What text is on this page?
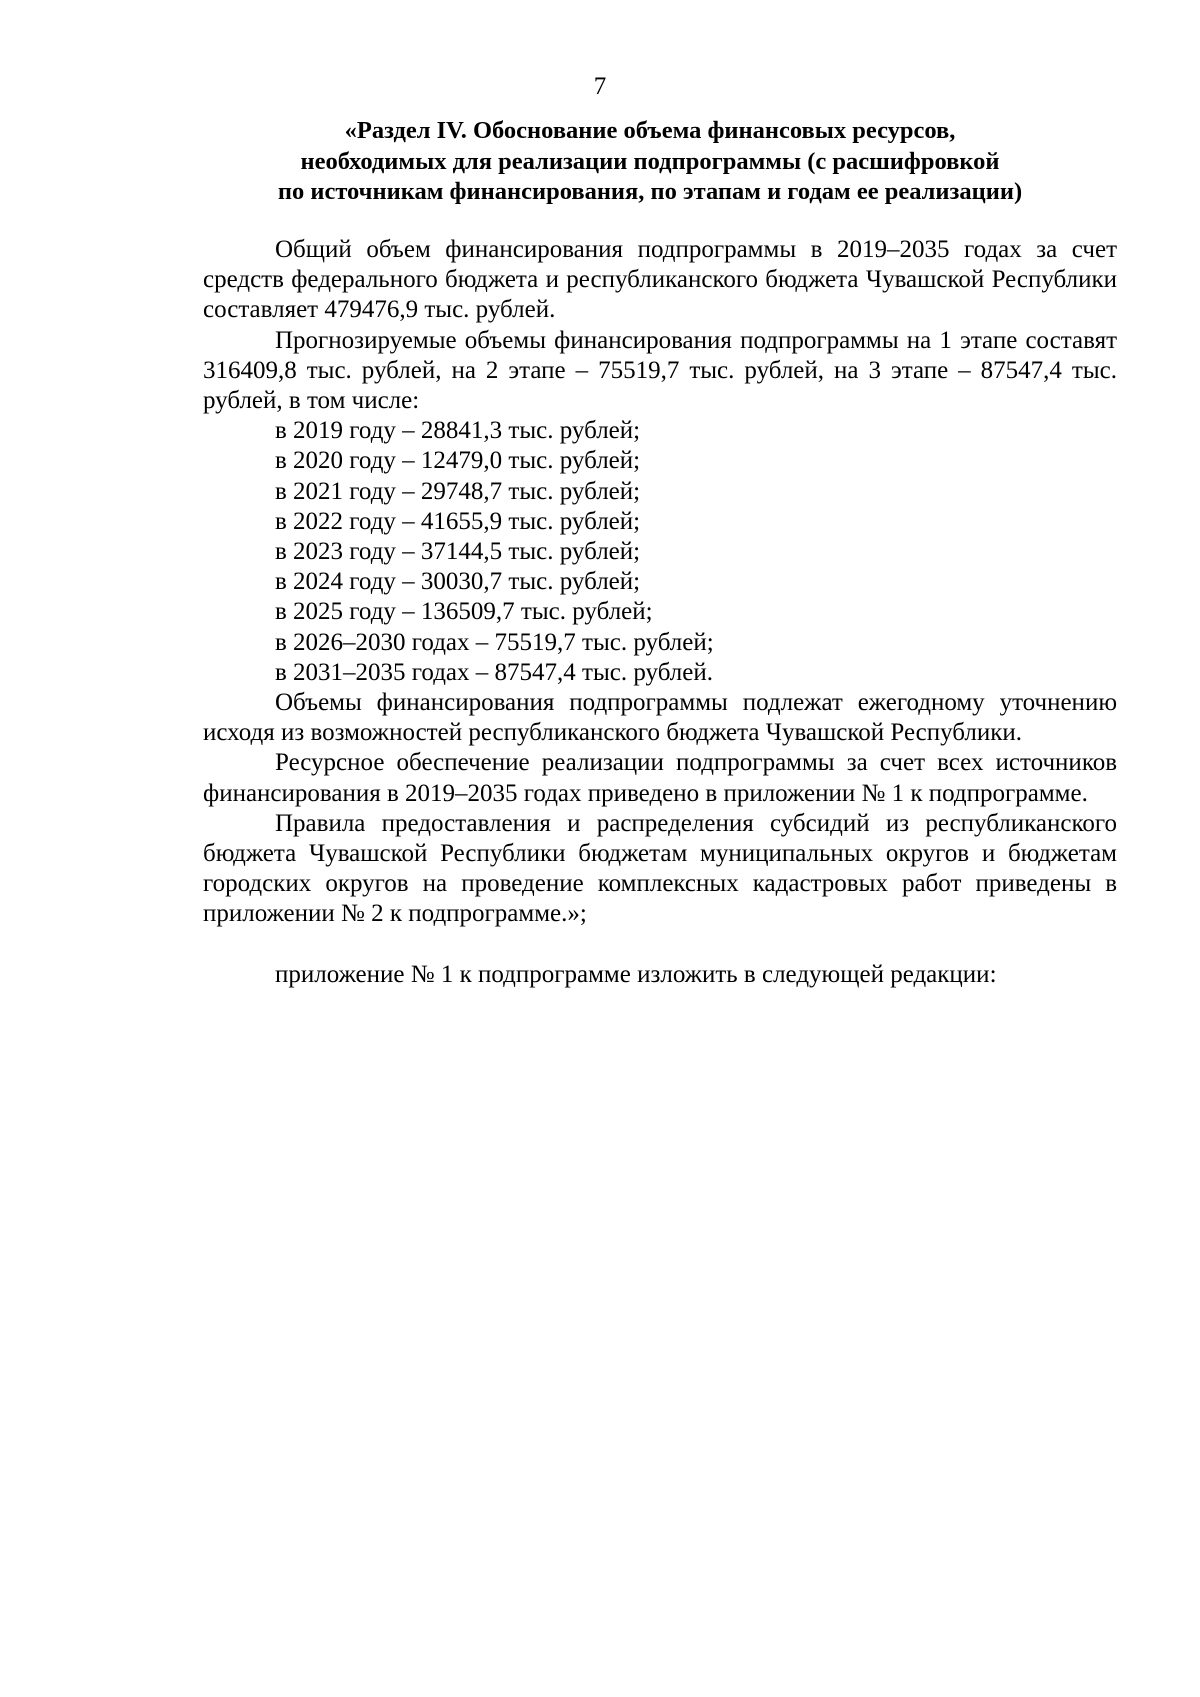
7
«Раздел IV. Обоснование объема финансовых ресурсов,
необходимых для реализации подпрограммы (с расшифровкой
по источникам финансирования, по этапам и годам ее реализации)

Общий объем финансирования подпрограммы в 2019–2035 годах за счет средств федерального бюджета и республиканского бюджета Чувашской Республики составляет 479476,9 тыс. рублей.

Прогнозируемые объемы финансирования подпрограммы на 1 этапе составят 316409,8 тыс. рублей, на 2 этапе – 75519,7 тыс. рублей, на 3 этапе – 87547,4 тыс. рублей, в том числе:

в 2019 году – 28841,3 тыс. рублей;
в 2020 году – 12479,0 тыс. рублей;
в 2021 году – 29748,7 тыс. рублей;
в 2022 году – 41655,9 тыс. рублей;
в 2023 году – 37144,5 тыс. рублей;
в 2024 году – 30030,7 тыс. рублей;
в 2025 году – 136509,7 тыс. рублей;
в 2026–2030 годах – 75519,7 тыс. рублей;
в 2031–2035 годах – 87547,4 тыс. рублей.

Объемы финансирования подпрограммы подлежат ежегодному уточнению исходя из возможностей республиканского бюджета Чувашской Республики.

Ресурсное обеспечение реализации подпрограммы за счет всех источников финансирования в 2019–2035 годах приведено в приложении № 1 к подпрограмме.

Правила предоставления и распределения субсидий из республиканского бюджета Чувашской Республики бюджетам муниципальных округов и бюджетам городских округов на проведение комплексных кадастровых работ приведены в приложении № 2 к подпрограмме.»;

приложение № 1 к подпрограмме изложить в следующей редакции:
